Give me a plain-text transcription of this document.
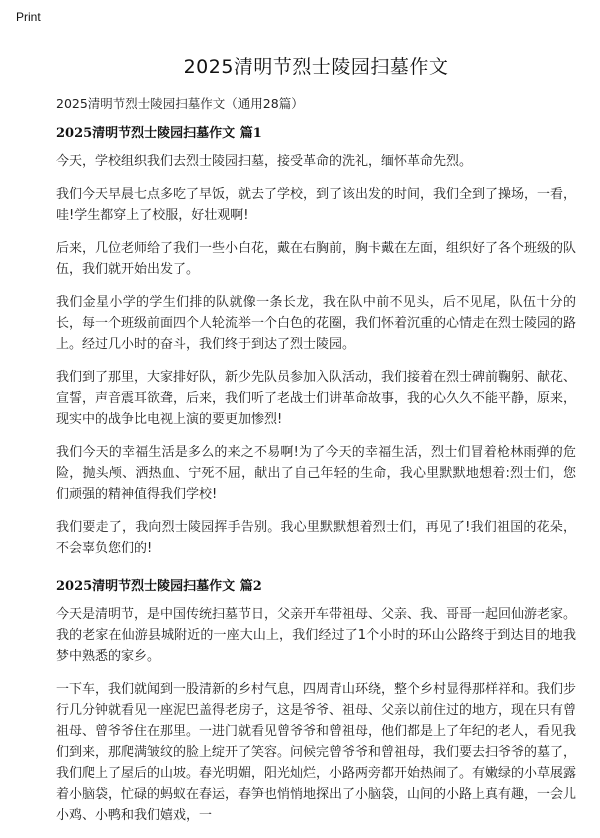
Print
2025清明节烈士陵园扫墓作文
2025清明节烈士陵园扫墓作文（通用28篇）
2025清明节烈士陵园扫墓作文 篇1

今天，学校组织我们去烈士陵园扫墓，接受革命的洗礼，缅怀革命先烈。

我们今天早晨七点多吃了早饭，就去了学校，到了该出发的时间，我们全到了操场，一看，哇!学生都穿上了校服，好壮观啊!

后来，几位老师给了我们一些小白花，戴在右胸前，胸卡戴在左面，组织好了各个班级的队伍，我们就开始出发了。

我们金星小学的学生们排的队就像一条长龙，我在队中前不见头，后不见尾，队伍十分的长，每一个班级前面四个人轮流举一个白色的花圈，我们怀着沉重的心情走在烈士陵园的路上。经过几小时的奋斗，我们终于到达了烈士陵园。

我们到了那里，大家排好队，新少先队员参加入队活动，我们接着在烈士碑前鞠躬、献花、宣誓，声音震耳欲聋，后来，我们听了老战士们讲革命故事，我的心久久不能平静，原来，现实中的战争比电视上演的要更加惨烈!

我们今天的幸福生活是多么的来之不易啊!为了今天的幸福生活，烈士们冒着枪林雨弹的危险，抛头颅、洒热血、宁死不屈，献出了自己年轻的生命，我心里默默地想着:烈士们，您们顽强的精神值得我们学校!

我们要走了，我向烈士陵园挥手告别。我心里默默想着烈士们，再见了!我们祖国的花朵，不会辜负您们的!

2025清明节烈士陵园扫墓作文 篇2

今天是清明节，是中国传统扫墓节日，父亲开车带祖母、父亲、我、哥哥一起回仙游老家。我的老家在仙游县城附近的一座大山上，我们经过了1个小时的环山公路终于到达目的地我梦中熟悉的家乡。

一下车，我们就闻到一股清新的乡村气息，四周青山环绕，整个乡村显得那样祥和。我们步行几分钟就看见一座泥巴盖得老房子，这是爷爷、祖母、父亲以前住过的地方，现在只有曾祖母、曾爷爷住在那里。一进门就看见曾爷爷和曾祖母，他们都是上了年纪的老人，看见我们到来，那爬满皱纹的脸上绽开了笑容。问候完曾爷爷和曾祖母，我们要去扫爷爷的墓了，我们爬上了屋后的山坡。春光明媚，阳光灿烂，小路两旁都开始热闹了。有嫩绿的小草展露着小脑袋，忙碌的蚂蚁在春运，春笋也悄悄地探出了小脑袋，山间的小路上真有趣，一会儿小鸡、小鸭和我们嬉戏，一
